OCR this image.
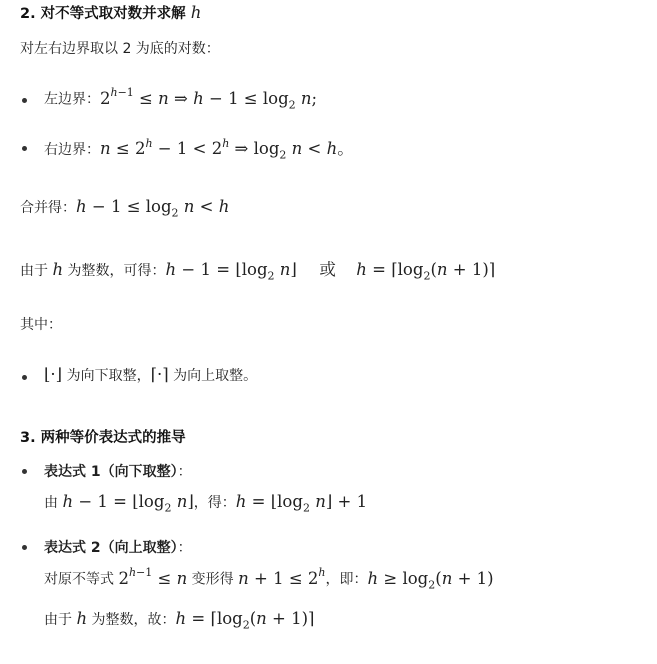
2. 对不等式取对数并求解 h
对左右边界取以 2 为底的对数：
左边界：$2^{h-1} \le n$ ⇒ $h - 1 \le \log_2 n$;
右边界：$n \le 2^h - 1 < 2^h$ ⇒ $\log_2 n < h$。
合并得：$h - 1 \le \log_2 n < h$
由于 h 为整数，可得：$h - 1 = ⌊\log_2$ n⌋ 或 $h = ⌈\log_2(n$ + 1)⌉
其中：
⌊·⌋ 为向下取整，⌈·⌉ 为向上取整。
3. 两种等价表达式的推导
表达式 1（向下取整）：
由 $h - 1 = ⌊\log_2$ n⌋，得：$h = ⌊\log_2$ n⌋ + 1
表达式 2（向上取整）：
对原不等式 $2^{h-1} \le n$ 变形得 $n + 1 \le 2^h$，即：$h \ge \log_2(n + 1)$
由于 h 为整数，故：$h = ⌈\log_2(n$ + 1)⌉
